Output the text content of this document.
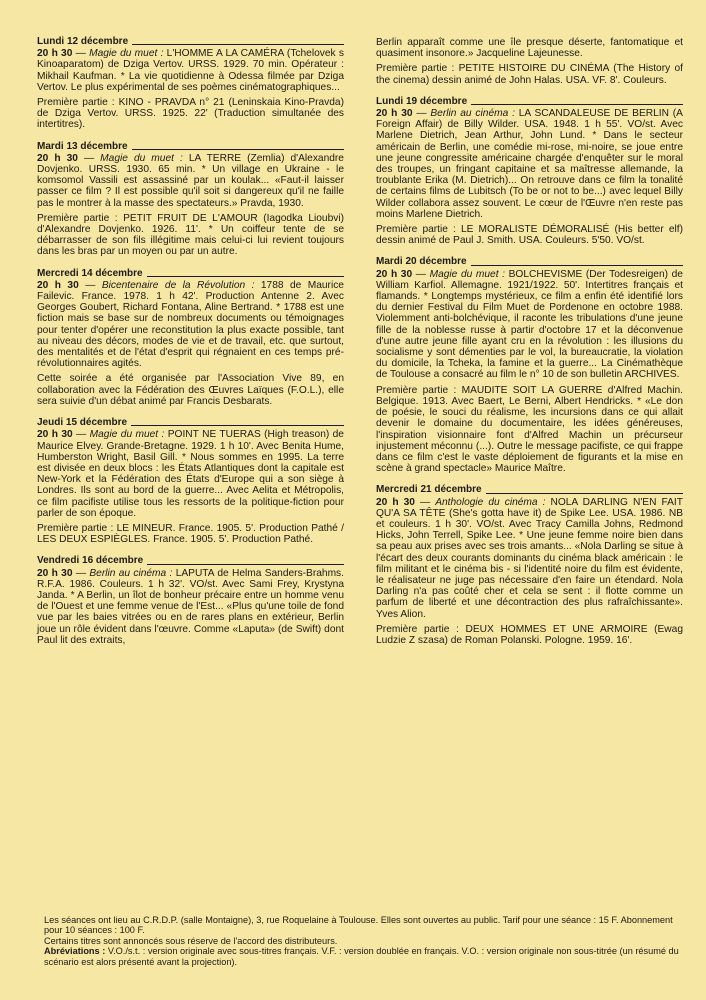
Lundi 12 décembre

20 h 30 — Magie du muet : L'HOMME A LA CAMÉRA (Tchelovek s Kinoaparatom) de Dziga Vertov. URSS. 1929. 70 min. Opérateur : Mikhail Kaufman. * La vie quotidienne à Odessa filmée par Dziga Vertov. Le plus expérimental de ses poèmes cinématographiques...

Première partie : KINO - PRAVDA n° 21 (Leninskaia Kino-Pravda) de Dziga Vertov. URSS. 1925. 22' (Traduction simultanée des intertitres).

Mardi 13 décembre

20 h 30 — Magie du muet : LA TERRE (Zemlia) d'Alexandre Dovjenko. URSS. 1930. 65 min. * Un village en Ukraine - le komsomol Vassili est assassiné par un koulak... «Faut-il laisser passer ce film ? Il est possible qu'il soit si dangereux qu'il ne faille pas le montrer à la masse des spectateurs.» Pravda, 1930.

Première partie : PETIT FRUIT DE L'AMOUR (Iagodka Lioubvi) d'Alexandre Dovjenko. 1926. 11'. * Un coiffeur tente de se débarrasser de son fils illégitime mais celui-ci lui revient toujours dans les bras par un moyen ou par un autre.

Mercredi 14 décembre

20 h 30 — Bicentenaire de la Révolution : 1788 de Maurice Failevic. France. 1978. 1 h 42'. Production Antenne 2. Avec Georges Goubert, Richard Fontana, Aline Bertrand. * 1788 est une fiction mais se base sur de nombreux documents ou témoignages pour tenter d'opérer une reconstitution la plus exacte possible, tant au niveau des décors, modes de vie et de travail, etc. que surtout, des mentalités et de l'état d'esprit qui régnaient en ces temps pré-révolutionnaires agités.

Cette soirée a été organisée par l'Association Vive 89, en collaboration avec la Fédération des Œuvres Laïques (F.O.L.), elle sera suivie d'un débat animé par Francis Desbarats.

Jeudi 15 décembre

20 h 30 — Magie du muet : POINT NE TUERAS (High treason) de Maurice Elvey. Grande-Bretagne. 1929. 1 h 10'. Avec Benita Hume, Humberston Wright, Basil Gill. * Nous sommes en 1995. La terre est divisée en deux blocs : les États Atlantiques dont la capitale est New-York et la Fédération des États d'Europe qui a son siège à Londres. Ils sont au bord de la guerre... Avec Aelita et Métropolis, ce film pacifiste utilise tous les ressorts de la politique-fiction pour parler de son époque.

Première partie : LE MINEUR. France. 1905. 5'. Production Pathé / LES DEUX ESPIÈGLES. France. 1905. 5'. Production Pathé.

Vendredi 16 décembre

20 h 30 — Berlin au cinéma : LAPUTA de Helma Sanders-Brahms. R.F.A. 1986. Couleurs. 1 h 32'. VO/st. Avec Sami Frey, Krystyna Janda. * A Berlin, un îlot de bonheur précaire entre un homme venu de l'Ouest et une femme venue de l'Est... «Plus qu'une toile de fond vue par les baies vitrées ou en de rares plans en extérieur, Berlin joue un rôle évident dans l'œuvre. Comme «Laputa» (de Swift) dont Paul lit des extraits,

Berlin apparaît comme une île presque déserte, fantomatique et quasiment insonore.» Jacqueline Lajeunesse.

Première partie : PETITE HISTOIRE DU CINÉMA (The History of the cinema) dessin animé de John Halas. USA. VF. 8'. Couleurs.

Lundi 19 décembre

20 h 30 — Berlin au cinéma : LA SCANDALEUSE DE BERLIN (A Foreign Affair) de Billy Wilder. USA. 1948. 1 h 55'. VO/st. Avec Marlene Dietrich, Jean Arthur, John Lund. * Dans le secteur américain de Berlin, une comédie mi-rose, mi-noire, se joue entre une jeune congressite américaine chargée d'enquêter sur le moral des troupes, un fringant capitaine et sa maîtresse allemande, la troublante Erika (M. Dietrich)... On retrouve dans ce film la tonalité de certains films de Lubitsch (To be or not to be...) avec lequel Billy Wilder collabora assez souvent. Le cœur de l'Œuvre n'en reste pas moins Marlene Dietrich.

Première partie : LE MORALISTE DÉMORALISÉ (His better elf) dessin animé de Paul J. Smith. USA. Couleurs. 5'50. VO/st.

Mardi 20 décembre

20 h 30 — Magie du muet : BOLCHEVISME (Der Todesreigen) de William Karfiol. Allemagne. 1921/1922. 50'. Intertitres français et flamands. * Longtemps mystérieux, ce film a enfin été identifié lors du dernier Festival du Film Muet de Pordenone en octobre 1988. Violemment anti-bolchévique, il raconte les tribulations d'une jeune fille de la noblesse russe à partir d'octobre 17 et la déconvenue d'une autre jeune fille ayant cru en la révolution : les illusions du socialisme y sont démenties par le vol, la bureaucratie, la violation du domicile, la Tcheka, la famine et la guerre... La Cinémathèque de Toulouse a consacré au film le n° 10 de son bulletin ARCHIVES.

Première partie : MAUDITE SOIT LA GUERRE d'Alfred Machin. Belgique. 1913. Avec Baert, Le Berni, Albert Hendricks. * «Le don de poésie, le souci du réalisme, les incursions dans ce qui allait devenir le domaine du documentaire, les idées généreuses, l'inspiration visionnaire font d'Alfred Machin un précurseur injustement méconnu (...). Outre le message pacifiste, ce qui frappe dans ce film c'est le vaste déploiement de figurants et la mise en scène à grand spectacle» Maurice Maître.

Mercredi 21 décembre

20 h 30 — Anthologie du cinéma : NOLA DARLING N'EN FAIT QU'A SA TÊTE (She's gotta have it) de Spike Lee. USA. 1986. NB et couleurs. 1 h 30'. VO/st. Avec Tracy Camilla Johns, Redmond Hicks, John Terrell, Spike Lee. * Une jeune femme noire bien dans sa peau aux prises avec ses trois amants... «Nola Darling se situe à l'écart des deux courants dominants du cinéma black américain : le film militant et le cinéma bis - si l'identité noire du film est évidente, le réalisateur ne juge pas nécessaire d'en faire un étendard. Nola Darling n'a pas coûté cher et cela se sent : il flotte comme un parfum de liberté et une décontraction des plus rafraîchissante». Yves Alion.

Première partie : DEUX HOMMES ET UNE ARMOIRE (Ewag Ludzie Z szasa) de Roman Polanski. Pologne. 1959. 16'.

Les séances ont lieu au C.R.D.P. (salle Montaigne), 3, rue Roquelaine à Toulouse. Elles sont ouvertes au public. Tarif pour une séance : 15 F. Abonnement pour 10 séances : 100 F.

Certains titres sont annoncés sous réserve de l'accord des distributeurs.

Abréviations : V.O./s.t. : version originale avec sous-titres français. V.F. : version doublée en français. V.O. : version originale non sous-titrée (un résumé du scénario est alors présenté avant la projection).
